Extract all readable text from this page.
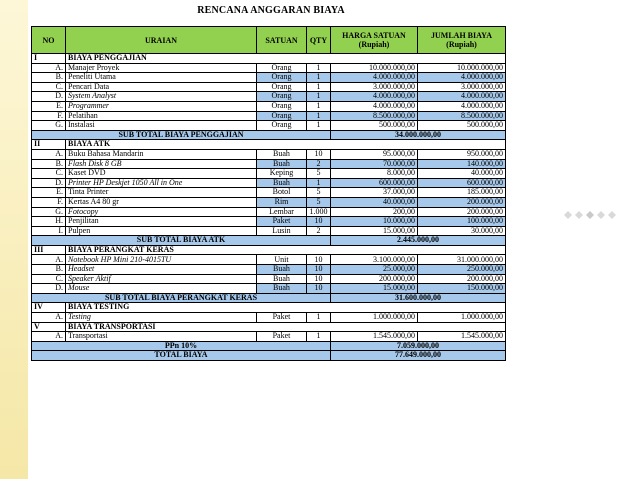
RENCANA ANGGARAN BIAYA
NO	URAIAN	SATUAN	QTY	HARGA SATUAN (Rupiah)	JUMLAH BIAYA (Rupiah)
I	BIAYA PENGGAJIAN				
A.	Manajer Proyek	Orang	1	10.000.000,00	10.000.000,00
B.	Peneliti Utama	Orang	1	4.000.000,00	4.000.000,00
C.	Pencari Data	Orang	1	3.000.000,00	3.000.000,00
D.	System Analyst	Orang	1	4.000.000,00	4.000.000,00
E.	Programmer	Orang	1	4.000.000,00	4.000.000,00
F.	Pelatihan	Orang	1	8.500.000,00	8.500.000,00
G.	Instalasi	Orang	1	500.000,00	500.000,00
SUB TOTAL BIAYA PENGGAJIAN				34.000.000,00	
II	BIAYA ATK				
A.	Buku Bahasa Mandarin	Buah	10	95.000,00	950.000,00
B.	Flash Disk 8 GB	Buah	2	70.000,00	140.000,00
C.	Kaset DVD	Keping	5	8.000,00	40.000,00
D.	Printer HP Deskjet 1050 All in One	Buah	1	600.000,00	600.000,00
E.	Tinta Printer	Botol	5	37.000,00	185.000,00
F.	Kertas A4 80 gr	Rim	5	40.000,00	200.000,00
G.	Fotocopy	Lembar	1.000	200,00	200.000,00
H.	Penjilitan	Paket	10	10.000,00	100.000,00
I.	Pulpen	Lusin	2	15.000,00	30.000,00
SUB TOTAL BIAYA ATK				2.445.000,00	
III	BIAYA PERANGKAT KERAS				
A.	Notebook HP Mini 210-4015TU	Unit	10	3.100.000,00	31.000.000,00
B.	Headset	Buah	10	25.000,00	250.000,00
C.	Speaker Aktif	Buah	10	200.000,00	200.000,00
D.	Mouse	Buah	10	15.000,00	150.000,00
SUB TOTAL BIAYA PERANGKAT KERAS				31.600.000,00	
IV	BIAYA TESTING				
A.	Testing	Paket	1	1.000.000,00	1.000.000,00
V	BIAYA TRANSPORTASI				
A.	Transportasi	Paket	1	1.545.000,00	1.545.000,00
PPn 10%				7.059.000,00	
TOTAL BIAYA				77.649.000,00	
